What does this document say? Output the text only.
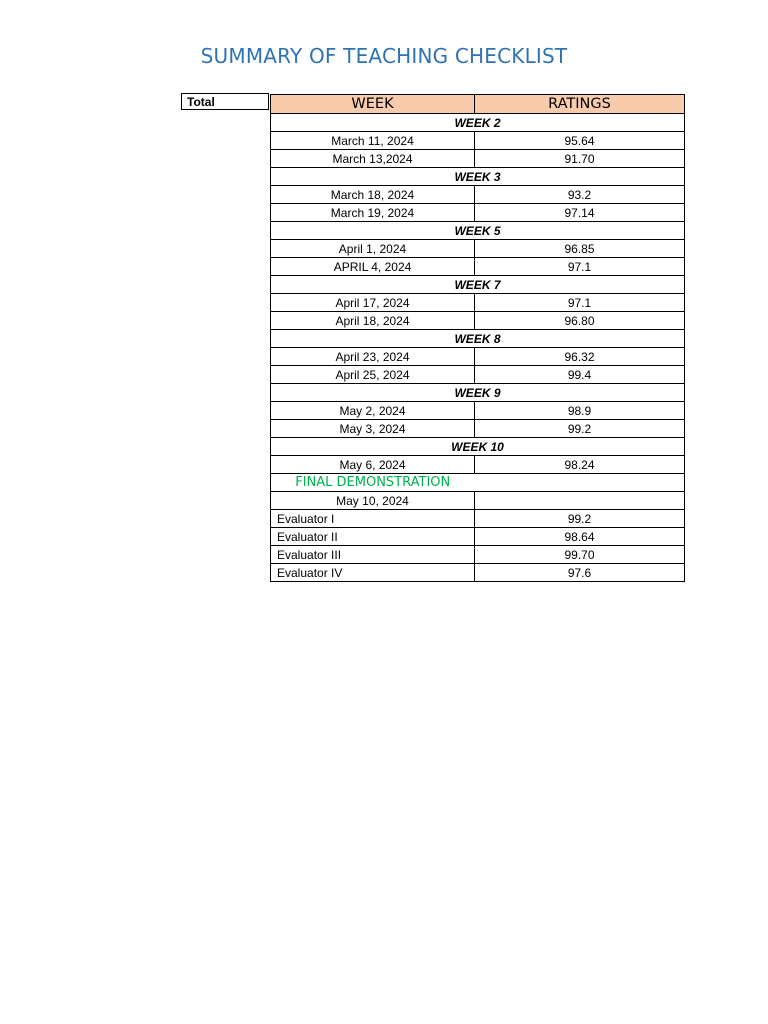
SUMMARY OF TEACHING CHECKLIST
Total	WEEK	RATINGS
WEEK 2	
March 11, 2024	95.64
March 13,2024	91.70
WEEK 3	
March 18, 2024	93.2
March 19, 2024	97.14
WEEK 5	
April 1, 2024	96.85
APRIL 4, 2024	97.1
WEEK 7	
April 17, 2024	97.1
April 18, 2024	96.80
WEEK 8	
April 23, 2024	96.32
April 25, 2024	99.4
WEEK 9	
May 2, 2024	98.9
May 3, 2024	99.2
WEEK 10	
May 6, 2024	98.24
FINAL DEMONSTRATION	
May 10, 2024	
Evaluator I	99.2
Evaluator II	98.64
Evaluator III	99.70
Evaluator IV	97.6
